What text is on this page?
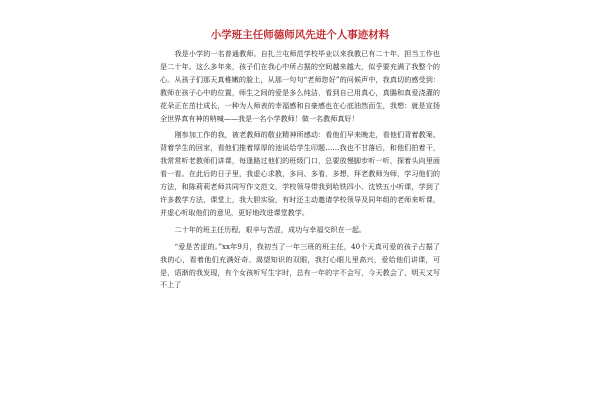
小学班主任师德师风先进个人事迹材料

我是小学的一名普通教师。自扎兰屯师范学校毕业以来我教已有二十年，担当工作也是二十年。这么多年来，孩子们在我心中所占据的空间越来越大，似乎要充满了我整个的心。从孩子们那天真稚嫩的脸上，从那一句句“老师您好”的问候声中，我真切的感受到：教师在孩子心中的位置，师生之间的爱是多么纯洁，看到自己用真心，真腸和真爱浇灌的花朵正在茁壮成长，一种为人师表的幸福感和自豪感也在心底油然而生，我想：就是宣扬全世界真有神的呐喊——我是一名小学教师！做一名教师真好！

刚参加工作的我，被老教师的敬业精神所感动：看他们早来晚走，看他们背着教案、背着学生的回家，看他们推着厚厚的池说给学生印题……我也不甘落后，和他们拍着干，我常常听老教师们讲课，每逢路过他们的班级门口，总要放慢脚步听一听，探着头向里面看一看。在此后的日子里，我虚心求教，多问、多看，多想，拜老教师为师，学习他们的方法，和陈莉莉老师共同写作文范文，学校领导带我到哈铁四小、沈铁五小听课，学到了许多教学方法，课堂上，我大胆实验，有时还主动邀请学校领导及同年组的老师来听课，并虚心听取他们的意见，更好地改进课堂教学。

二十年的班主任历程，艰辛与苦涩，成功与幸福交织在一起。

“爱是苦涩的。”xx年9月，我初当了一年三班的班主任，40个天真可爱的孩子占据了我的心，看着他们充满好奇、渴望知识的双眼，我打心眼儿里高兴，爱给他们讲课，可是，语渐的我发现，有个女孩听写生字时，总有一年的字不会写，今天教会了，明天又写不上了
